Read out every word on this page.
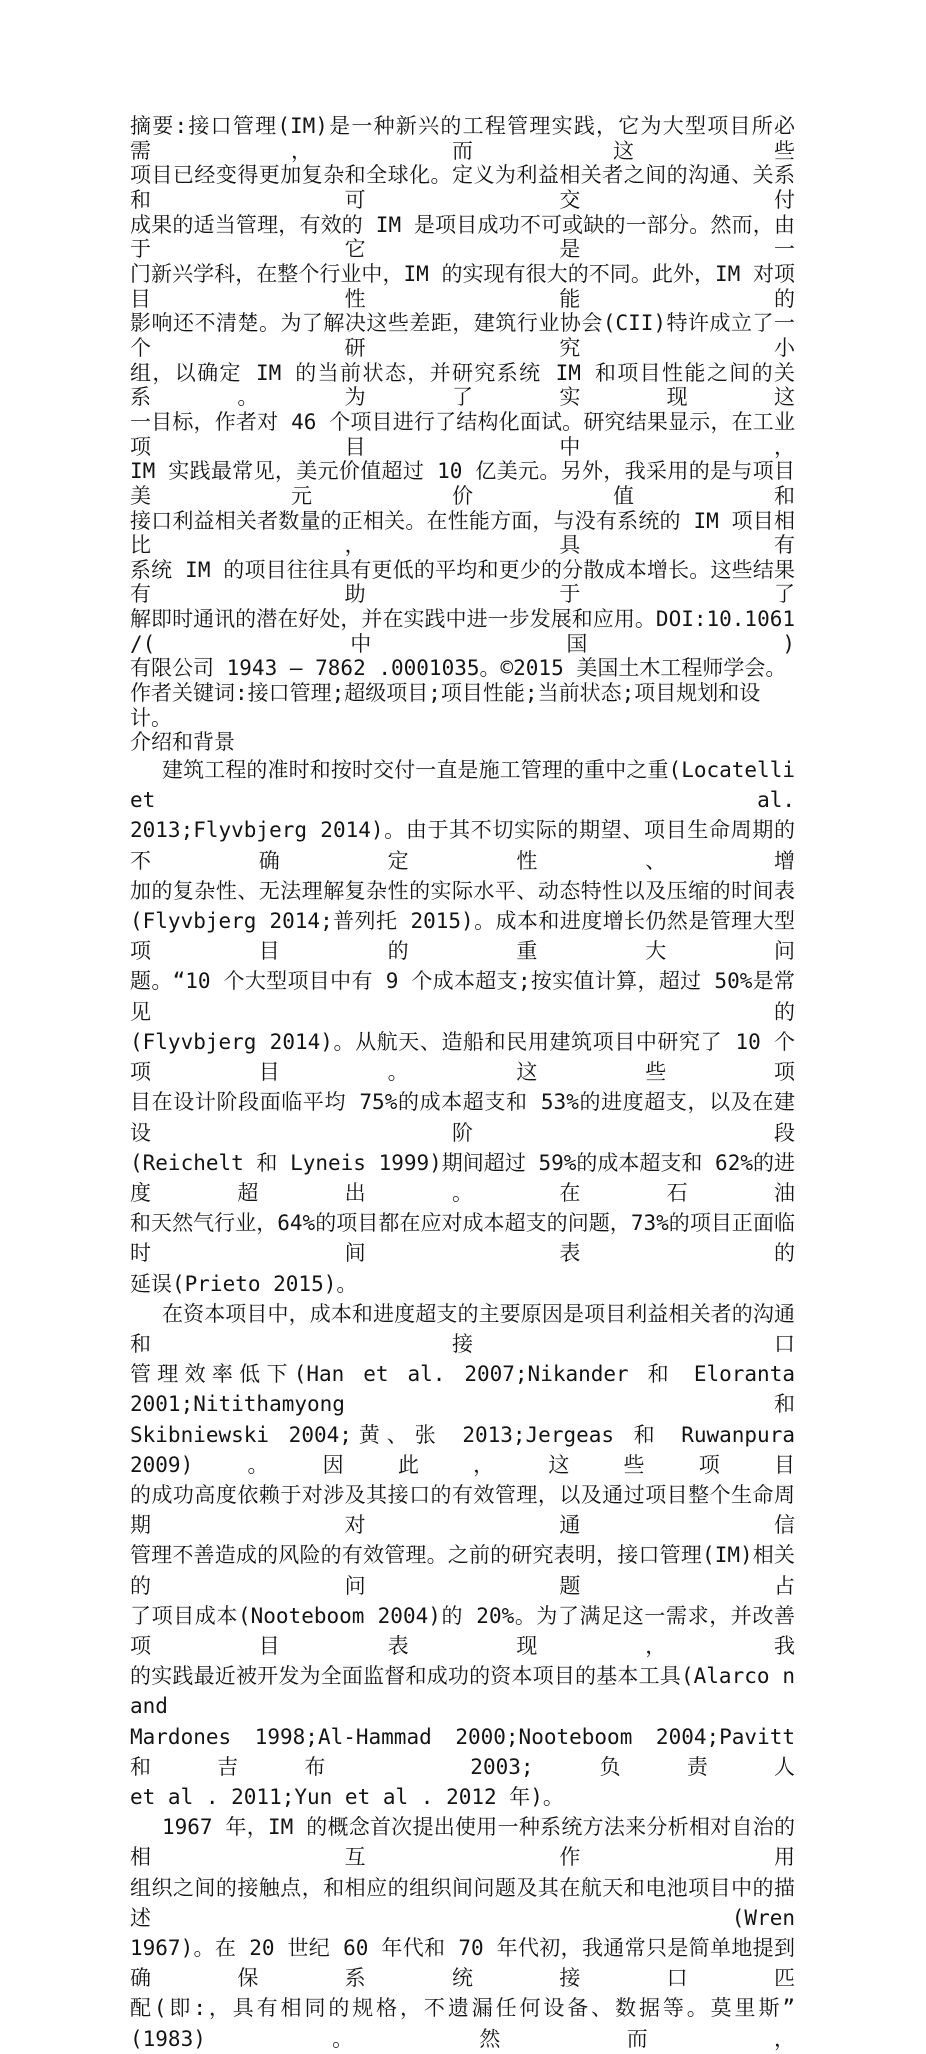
摘要:接口管理(IM)是一种新兴的工程管理实践，它为大型项目所必需，而这些
项目已经变得更加复杂和全球化。定义为利益相关者之间的沟通、关系和可交付
成果的适当管理，有效的 IM 是项目成功不可或缺的一部分。然而，由于它是一
门新兴学科，在整个行业中，IM 的实现有很大的不同。此外，IM 对项目性能的
影响还不清楚。为了解决这些差距，建筑行业协会(CII)特许成立了一个研究小
组，以确定 IM 的当前状态，并研究系统 IM 和项目性能之间的关系。为了实现这
一目标，作者对 46 个项目进行了结构化面试。研究结果显示，在工业项目中，
IM 实践最常见，美元价值超过 10 亿美元。另外，我采用的是与项目美元价值和
接口利益相关者数量的正相关。在性能方面，与没有系统的 IM 项目相比，具有
系统 IM 的项目往往具有更低的平均和更少的分散成本增长。这些结果有助于了
解即时通讯的潜在好处，并在实践中进一步发展和应用。DOI:10.1061 /(中国)
有限公司 1943 – 7862 .0001035。©2015 美国土木工程师学会。
作者关键词:接口管理;超级项目;项目性能;当前状态;项目规划和设计。
介绍和背景
建筑工程的准时和按时交付一直是施工管理的重中之重(Locatelli et al.
2013;Flyvbjerg 2014)。由于其不切实际的期望、项目生命周期的不确定性、增
加的复杂性、无法理解复杂性的实际水平、动态特性以及压缩的时间表
(Flyvbjerg 2014;普列托 2015)。成本和进度增长仍然是管理大型项目的重大问
题。“10 个大型项目中有 9 个成本超支;按实值计算，超过 50%是常见的
(Flyvbjerg 2014)。从航天、造船和民用建筑项目中研究了 10 个项目。这些项
目在设计阶段面临平均 75%的成本超支和 53%的进度超支，以及在建设阶段
(Reichelt 和 Lyneis 1999)期间超过 59%的成本超支和 62%的进度超出。在石油
和天然气行业，64%的项目都在应对成本超支的问题，73%的项目正面临时间表的
延误(Prieto 2015)。
在资本项目中，成本和进度超支的主要原因是项目利益相关者的沟通和接口
管理效率低下(Han et al. 2007;Nikander 和 Eloranta 2001;Nitithamyong 和
Skibniewski 2004;黄、张 2013;Jergeas 和 Ruwanpura 2009)。因此，这些项目
的成功高度依赖于对涉及其接口的有效管理，以及通过项目整个生命周期对通信
管理不善造成的风险的有效管理。之前的研究表明，接口管理(IM)相关的问题占
了项目成本(Nooteboom 2004)的 20%。为了满足这一需求，并改善项目表现，我
的实践最近被开发为全面监督和成功的资本项目的基本工具(Alarco n and
Mardones 1998;Al-Hammad 2000;Nooteboom 2004;Pavitt 和吉布 2003;负责人
et al . 2011;Yun et al . 2012 年)。
1967 年，IM 的概念首次提出使用一种系统方法来分析相对自治的相互作用
组织之间的接触点，和相应的组织间问题及其在航天和电池项目中的描述(Wren
1967)。在 20 世纪 60 年代和 70 年代初，我通常只是简单地提到确保系统接口匹
配(即:，具有相同的规格，不遗漏任何设备、数据等。莫里斯”(1983)。然而，
